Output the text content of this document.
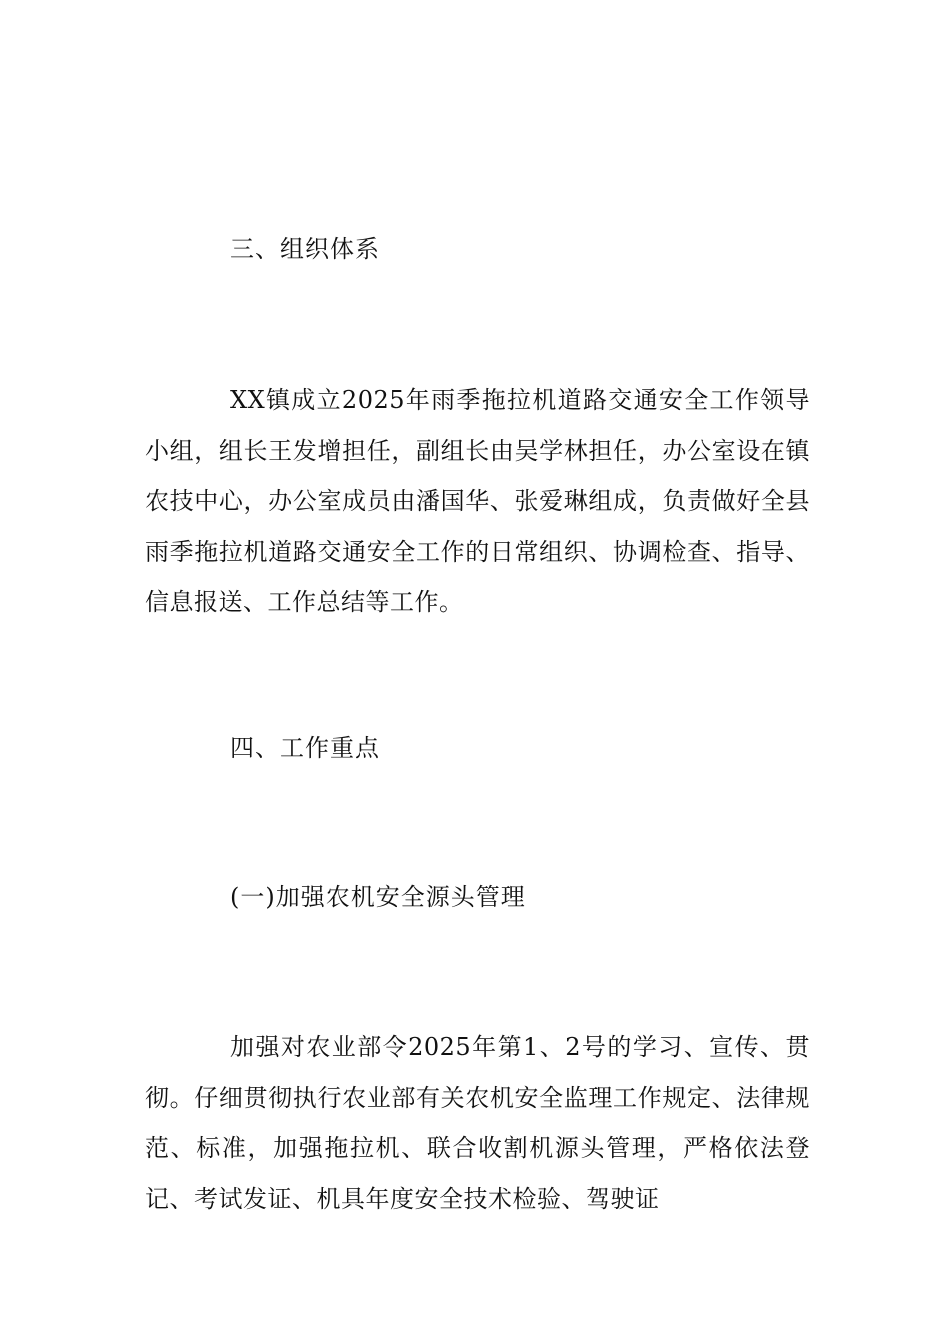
三、组织体系

XX镇成立2025年雨季拖拉机道路交通安全工作领导小组，组长王发增担任，副组长由吴学林担任，办公室设在镇农技中心，办公室成员由潘国华、张爱琳组成，负责做好全县雨季拖拉机道路交通安全工作的日常组织、协调检查、指导、信息报送、工作总结等工作。

四、工作重点
(一)加强农机安全源头管理

加强对农业部令2025年第1、2号的学习、宣传、贯彻。仔细贯彻执行农业部有关农机安全监理工作规定、法律规范、标准，加强拖拉机、联合收割机源头管理，严格依法登记、考试发证、机具年度安全技术检验、驾驶证
